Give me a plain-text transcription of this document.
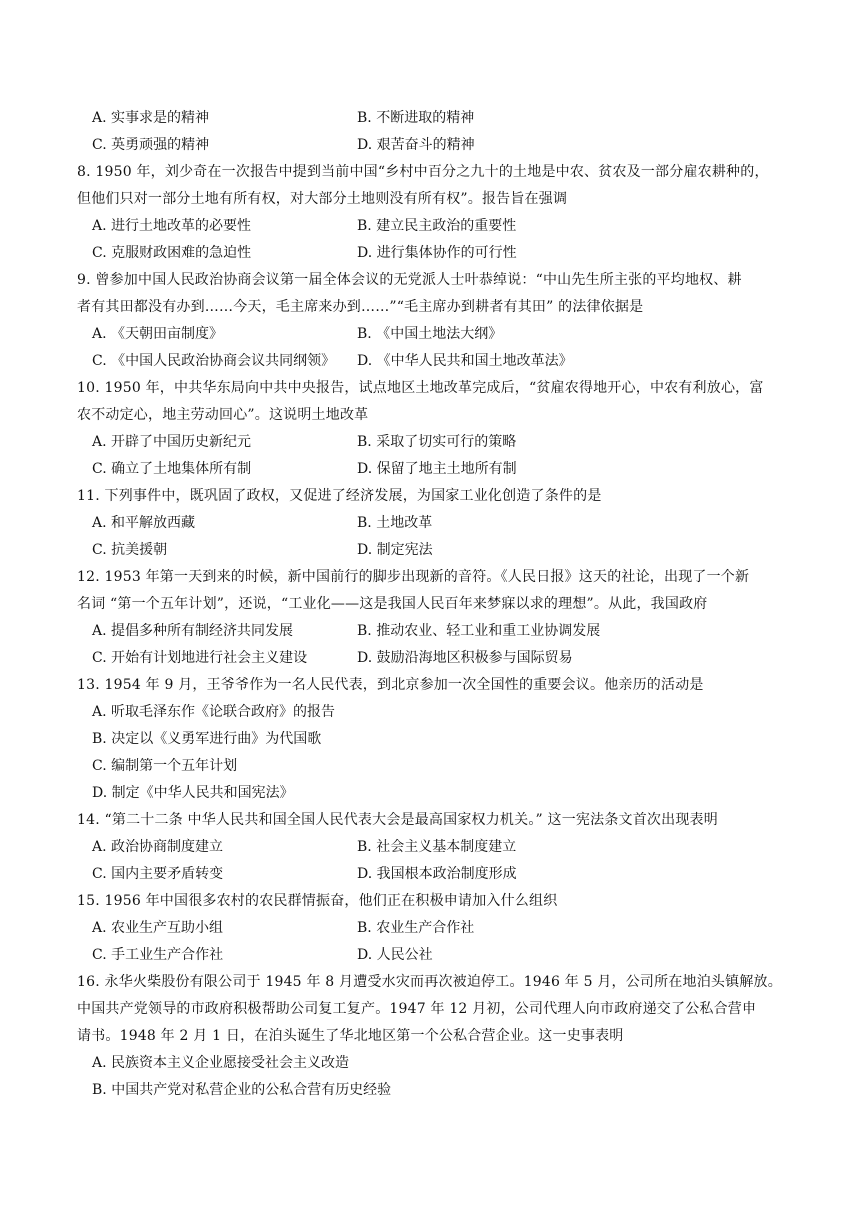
A. 实事求是的精神	B. 不断进取的精神
C. 英勇顽强的精神	D. 艰苦奋斗的精神
8. 1950 年，刘少奇在一次报告中提到当前中国“乡村中百分之九十的土地是中农、贫农及一部分雇农耕种的，
但他们只对一部分土地有所有权，对大部分土地则没有所有权”。报告旨在强调
A. 进行土地改革的必要性	B. 建立民主政治的重要性
C. 克服财政困难的急迫性	D. 进行集体协作的可行性
9. 曾参加中国人民政治协商会议第一届全体会议的无党派人士叶恭绰说：“中山先生所主张的平均地权、耕
者有其田都没有办到……今天，毛主席来办到……”“毛主席办到耕者有其田” 的法律依据是
A. 《天朝田亩制度》	B. 《中国土地法大纲》
C. 《中国人民政治协商会议共同纲领》 D. 《中华人民共和国土地改革法》
10. 1950 年，中共华东局向中共中央报告，试点地区土地改革完成后，“贫雇农得地开心，中农有利放心，富
农不动定心，地主劳动回心”。这说明土地改革
A. 开辟了中国历史新纪元	B. 采取了切实可行的策略
C. 确立了土地集体所有制	D. 保留了地主土地所有制
11. 下列事件中，既巩固了政权，又促进了经济发展，为国家工业化创造了条件的是
A. 和平解放西藏	B. 土地改革
C. 抗美援朝	D. 制定宪法
12. 1953 年第一天到来的时候，新中国前行的脚步出现新的音符。《人民日报》这天的社论，出现了一个新
名词 “第一个五年计划”，还说，“工业化——这是我国人民百年来梦寐以求的理想”。从此，我国政府
A. 提倡多种所有制经济共同发展	B. 推动农业、轻工业和重工业协调发展
C. 开始有计划地进行社会主义建设	D. 鼓励沿海地区积极参与国际贸易
13. 1954 年 9 月，王爷爷作为一名人民代表，到北京参加一次全国性的重要会议。他亲历的活动是
A. 听取毛泽东作《论联合政府》的报告
B. 决定以《义勇军进行曲》为代国歌
C. 编制第一个五年计划
D. 制定《中华人民共和国宪法》
14. “第二十二条 中华人民共和国全国人民代表大会是最高国家权力机关。” 这一宪法条文首次出现表明
A. 政治协商制度建立	B. 社会主义基本制度建立
C. 国内主要矛盾转变	D. 我国根本政治制度形成
15. 1956 年中国很多农村的农民群情振奋，他们正在积极申请加入什么组织
A. 农业生产互助小组	B. 农业生产合作社
C. 手工业生产合作社	D. 人民公社
16. 永华火柴股份有限公司于 1945 年 8 月遭受水灾而再次被迫停工。1946 年 5 月，公司所在地泊头镇解放。
中国共产党领导的市政府积极帮助公司复工复产。1947 年 12 月初，公司代理人向市政府递交了公私合营申
请书。1948 年 2 月 1 日，在泊头诞生了华北地区第一个公私合营企业。这一史事表明
A. 民族资本主义企业愿接受社会主义改造
B. 中国共产党对私营企业的公私合营有历史经验
